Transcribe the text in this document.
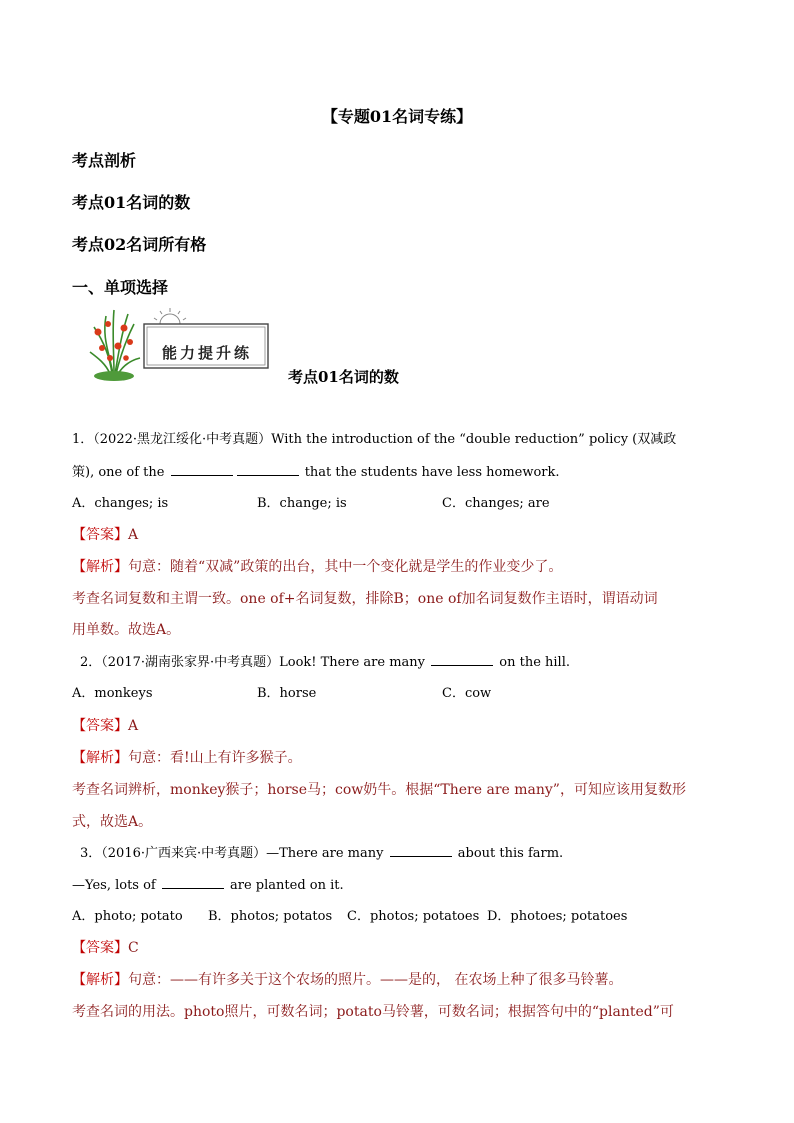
【专题01名词专练】
考点剖析
考点01名词的数
考点02名词所有格
一、单项选择
能力提升练
考点01名词的数
1．（2022·黑龙江绥化·中考真题）With the introduction of the “double reduction” policy (双减政
策), one of the	that the students have less homework.
A．changes; is	B．change; is	C．changes; are
【答案】A
【解析】句意：随着“双减”政策的出台，其中一个变化就是学生的作业变少了。
考查名词复数和主谓一致。one of+名词复数，排除B；one of加名词复数作主语时，谓语动词
用单数。故选A。
2．（2017·湖南张家界·中考真题）Look! There are many	on the hill.
A．monkeys	B．horse	C．cow
【答案】A
【解析】句意：看!山上有许多猴子。
考查名词辨析，monkey猴子；horse马；cow奶牛。根据“There are many”，可知应该用复数形
式，故选A。
3．（2016·广西来宾·中考真题）—There are many	about this farm.
—Yes, lots of	are planted on it.
A．photo; potato B．photos; potatos C．photos; potatoes D．photoes; potatoes
【答案】C
【解析】句意：——有许多关于这个农场的照片。——是的， 在农场上种了很多马铃薯。
考查名词的用法。photo照片，可数名词；potato马铃薯，可数名词；根据答句中的“planted”可
